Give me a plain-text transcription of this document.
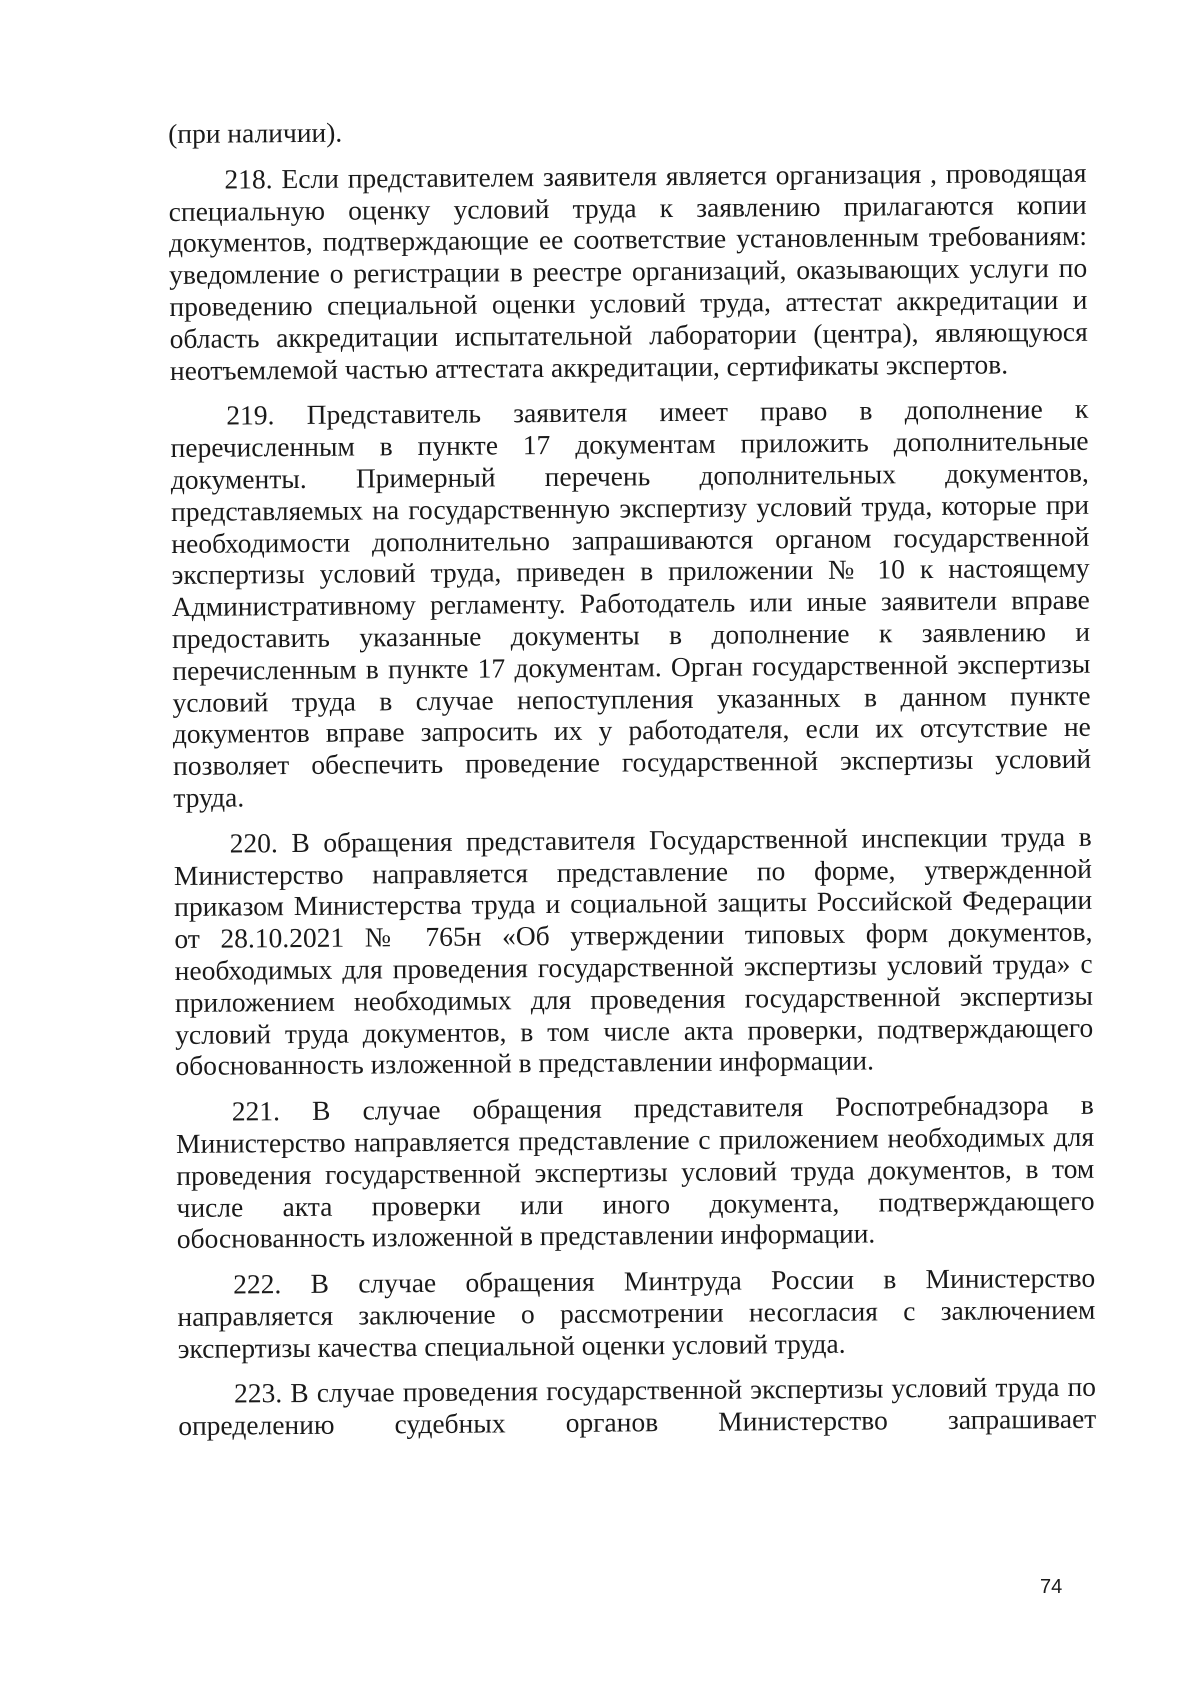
(при наличии).

218. Если представителем заявителя является организация , проводящая специальную оценку условий труда к заявлению прилагаются копии документов, подтверждающие ее соответствие установленным требованиям: уведомление о регистрации в реестре организаций, оказывающих услуги по проведению специальной оценки условий труда, аттестат аккредитации и область аккредитации испытательной лаборатории (центра), являющуюся неотъемлемой частью аттестата аккредитации, сертификаты экспертов.

219. Представитель заявителя имеет право в дополнение к перечисленным в пункте 17 документам приложить дополнительные документы. Примерный перечень дополнительных документов, представляемых на государственную экспертизу условий труда, которые при необходимости дополнительно запрашиваются органом государственной экспертизы условий труда, приведен в приложении № 10 к настоящему Административному регламенту. Работодатель или иные заявители вправе предоставить указанные документы в дополнение к заявлению и перечисленным в пункте 17 документам. Орган государственной экспертизы условий труда в случае непоступления указанных в данном пункте документов вправе запросить их у работодателя, если их отсутствие не позволяет обеспечить проведение государственной экспертизы условий труда.

220. В обращения представителя Государственной инспекции труда в Министерство направляется представление по форме, утвержденной приказом Министерства труда и социальной защиты Российской Федерации от 28.10.2021 № 765н «Об утверждении типовых форм документов, необходимых для проведения государственной экспертизы условий труда» с приложением необходимых для проведения государственной экспертизы условий труда документов, в том числе акта проверки, подтверждающего обоснованность изложенной в представлении информации.

221. В случае обращения представителя Роспотребнадзора в Министерство направляется представление с приложением необходимых для проведения государственной экспертизы условий труда документов, в том числе акта проверки или иного документа, подтверждающего обоснованность изложенной в представлении информации.

222. В случае обращения Минтруда России в Министерство направляется заключение о рассмотрении несогласия с заключением экспертизы качества специальной оценки условий труда.

223. В случае проведения государственной экспертизы условий труда по определению судебных органов Министерство запрашивает

74
